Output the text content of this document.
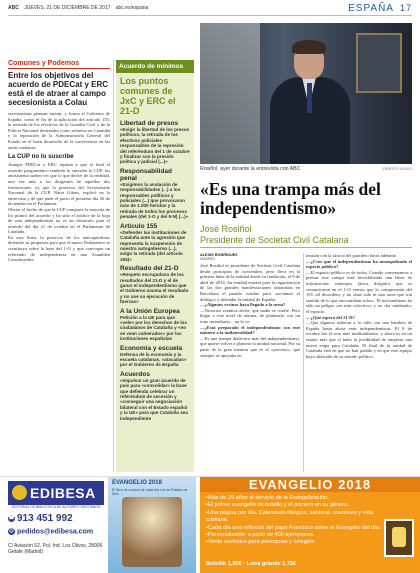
ABC JUEVES, 21 DE DICIEMBRE DE 2017 abc.es/espana	ESPAÑA 17
Comunes y Podemos
Entre los objetivos del acuerdo de PDECat y ERC está el de atraer al campo secesionista a Colau

secesionistas piensan insistir, y forma al Gobierno de España, como el fin de la aplicación del artículo 155, la retirada de los efectivos de la Guardia Civil y de la Policía Nacional destinados como refuerzo en Cataluña y la reposición de la Administración General del Estado en el buen desarrollo de la convivencia en las aulas catalanas.

La CUP no lo suscribe

Aunque PDECat y ERC aspiran a que al final el acuerdo programático también lo suscriba la CUP, los antisistema suelen ver que lo que derive de la realidad, una vez más a los dirigentes de aquellas dos formaciones, ya que la portavoz del Secretariado Nacional de la CUP, Núria Gibert, explicó en la entrevista y de que pude el pacto el próximo día 26 de diciembre en el Parlament.

Obviar el hecho de que la CUP comparte la mayoría de los puntos del acuerdo y ha sido el artífice de la hoja de ruta independentista no es un obstáculo para el acuerdo del día 21 de octubre en el Parlamento de Cataluña.

En esta línea, la portavoz de los anticapitalistas defendió su propuesta para que el nuevo Parlamento se constituya sobre la base del 1-O y que convoque un referendo de independencia en una Asamblea Constituyente.

Acuerdo de mínimos
Los puntos comunes de JxC y ERC el 21-D
Libertad de presos
«Exigir la libertad de los presos políticos, la retirada de los efectivos policiales responsables de la represión del referéndum del 1 de octubre y finalizar con la presión política y judicial (...)»
Responsabilidad penal
«Exigimos la anulación de responsabilidades (...) a los responsables políticos y policiales (...) que provocaron más de 1.000 heridos y la retirada de todos los procesos penales (del 1-O y del 9-N) (...)»
Artículo 155
«Defender las instituciones de Cataluña ante la agresión que representa la suspensión de nuestra autogobierno (...), exigir la retirada (del artículo 155)»
Resultado del 21-D
«Respeto escrupuloso de los resultados del 21-D y el de ganar el independentismo que el Gobierno asuma el resultado y no use su ejecución de fuerzas»
A la Unión Europea
Petición a la UE para que «vele» por los derechos de los ciudadanos de Cataluña y «no se vean vulnerados» por las instituciones españolas
Economía y escuela
Defensa de la economía y la escuela catalanas, «atacadas» por el Gobierno de España
Acuerdos
«Impulsar un gran acuerdo de país para «consolidar» la base que defienda celebrar un referéndum de secesión y «conseguir una negociación bilateral con el Estado español y la UE» para que Cataluña sea independiente
Rosiñol, ayer durante la entrevista con ABC	ERNESTO AGUDO
«Es una trampa más del independentismo»
José Rosiñol
Presidente de Societat Civil Catalana
ALEXIS RODRÍGUEZ
MADRID

José Rosiñol es presidente de Societat Civil Catalana desde principios de noviembre, pero lleva en la primera línea de la entidad desde su fundación, el 9 de abril de 2014. Su entidad entrará para la organización de las dos grandes manifestaciones unionistas en Barcelona el pasado octubre para «reclamar el diálogo» y defender la unidad de España.

—¿Algunos vecinos haya llegado a la urna?

—Nosotros estamos alerta, que nadie se confíe. Pero llegar a este nivel de alarma, de plantearlo con un tono incendiario... no lo ve.

—¿Está preparado el independentismo con este número a la unilateralidad?

—Es una trampa dialéctica más del independentismo, que quiere volver a plantear la unidad nacional. Por su parte de la gran mentira que es el «proceso», que siempre se apoyaba en

tensión con la táctica del paradero hacia adelante.

—¿Cree que el independentismo ha monopolizado el espacio público?

—El espacio público es de todos. Cuando comenzamos a prestar este campo está invisibilizada una labor de información; mensajes falsos dirigidos que se comunicaron en el 1-O vemos que la comprensión del 155 «el desorden» y no «han sido ni una tarea que son sentido de lo que encontraban solos». El nacionalismo ha sido un peligro «en más colectivo» y no «ha cambiado» el espacio.

—¿Qué espera del 21-D?

—Que algunos salieron a la calle con una bandera de España hasta ahora eran independentistas. El 8 de octubre fue el acto más multitudinario, y ahora es en un estado más que sí hubo la posibilidad de empezar una nueva etapa para Cataluña. El final de la unidad de Cataluña está en que no han podido y en que este equipo haya abdicado de su sentido político.

EDIBESA
EDITORIAL DE BIBLIOTECA DE AUTORES CRISTIANOS
☎ 913 451 992
@ pedidos@edibesa.com
C/ Aviación 52, Pol. Ind. Los Olivos, 28906 Getafe (Madrid)
EVANGELIO 2018
El libro de oración de cada día con la Palabra de Dios
EVANGELIO 2018
• Más de 29 años al servicio de la Evangelización.
• El primer evangelio de bolsillo y el primero en su género.
• Una página por día. Calendario litúrgico, santoral, oraciones y vida cristiana.
• Cada día una reflexión del papa Francisco sobre el Evangelio del día.
• Personalizable: a partir de 400 ejemplares.
• Venta exclusiva para parroquias y colegios
Bolsillo 1,90€ · Letra grande 1,75€
